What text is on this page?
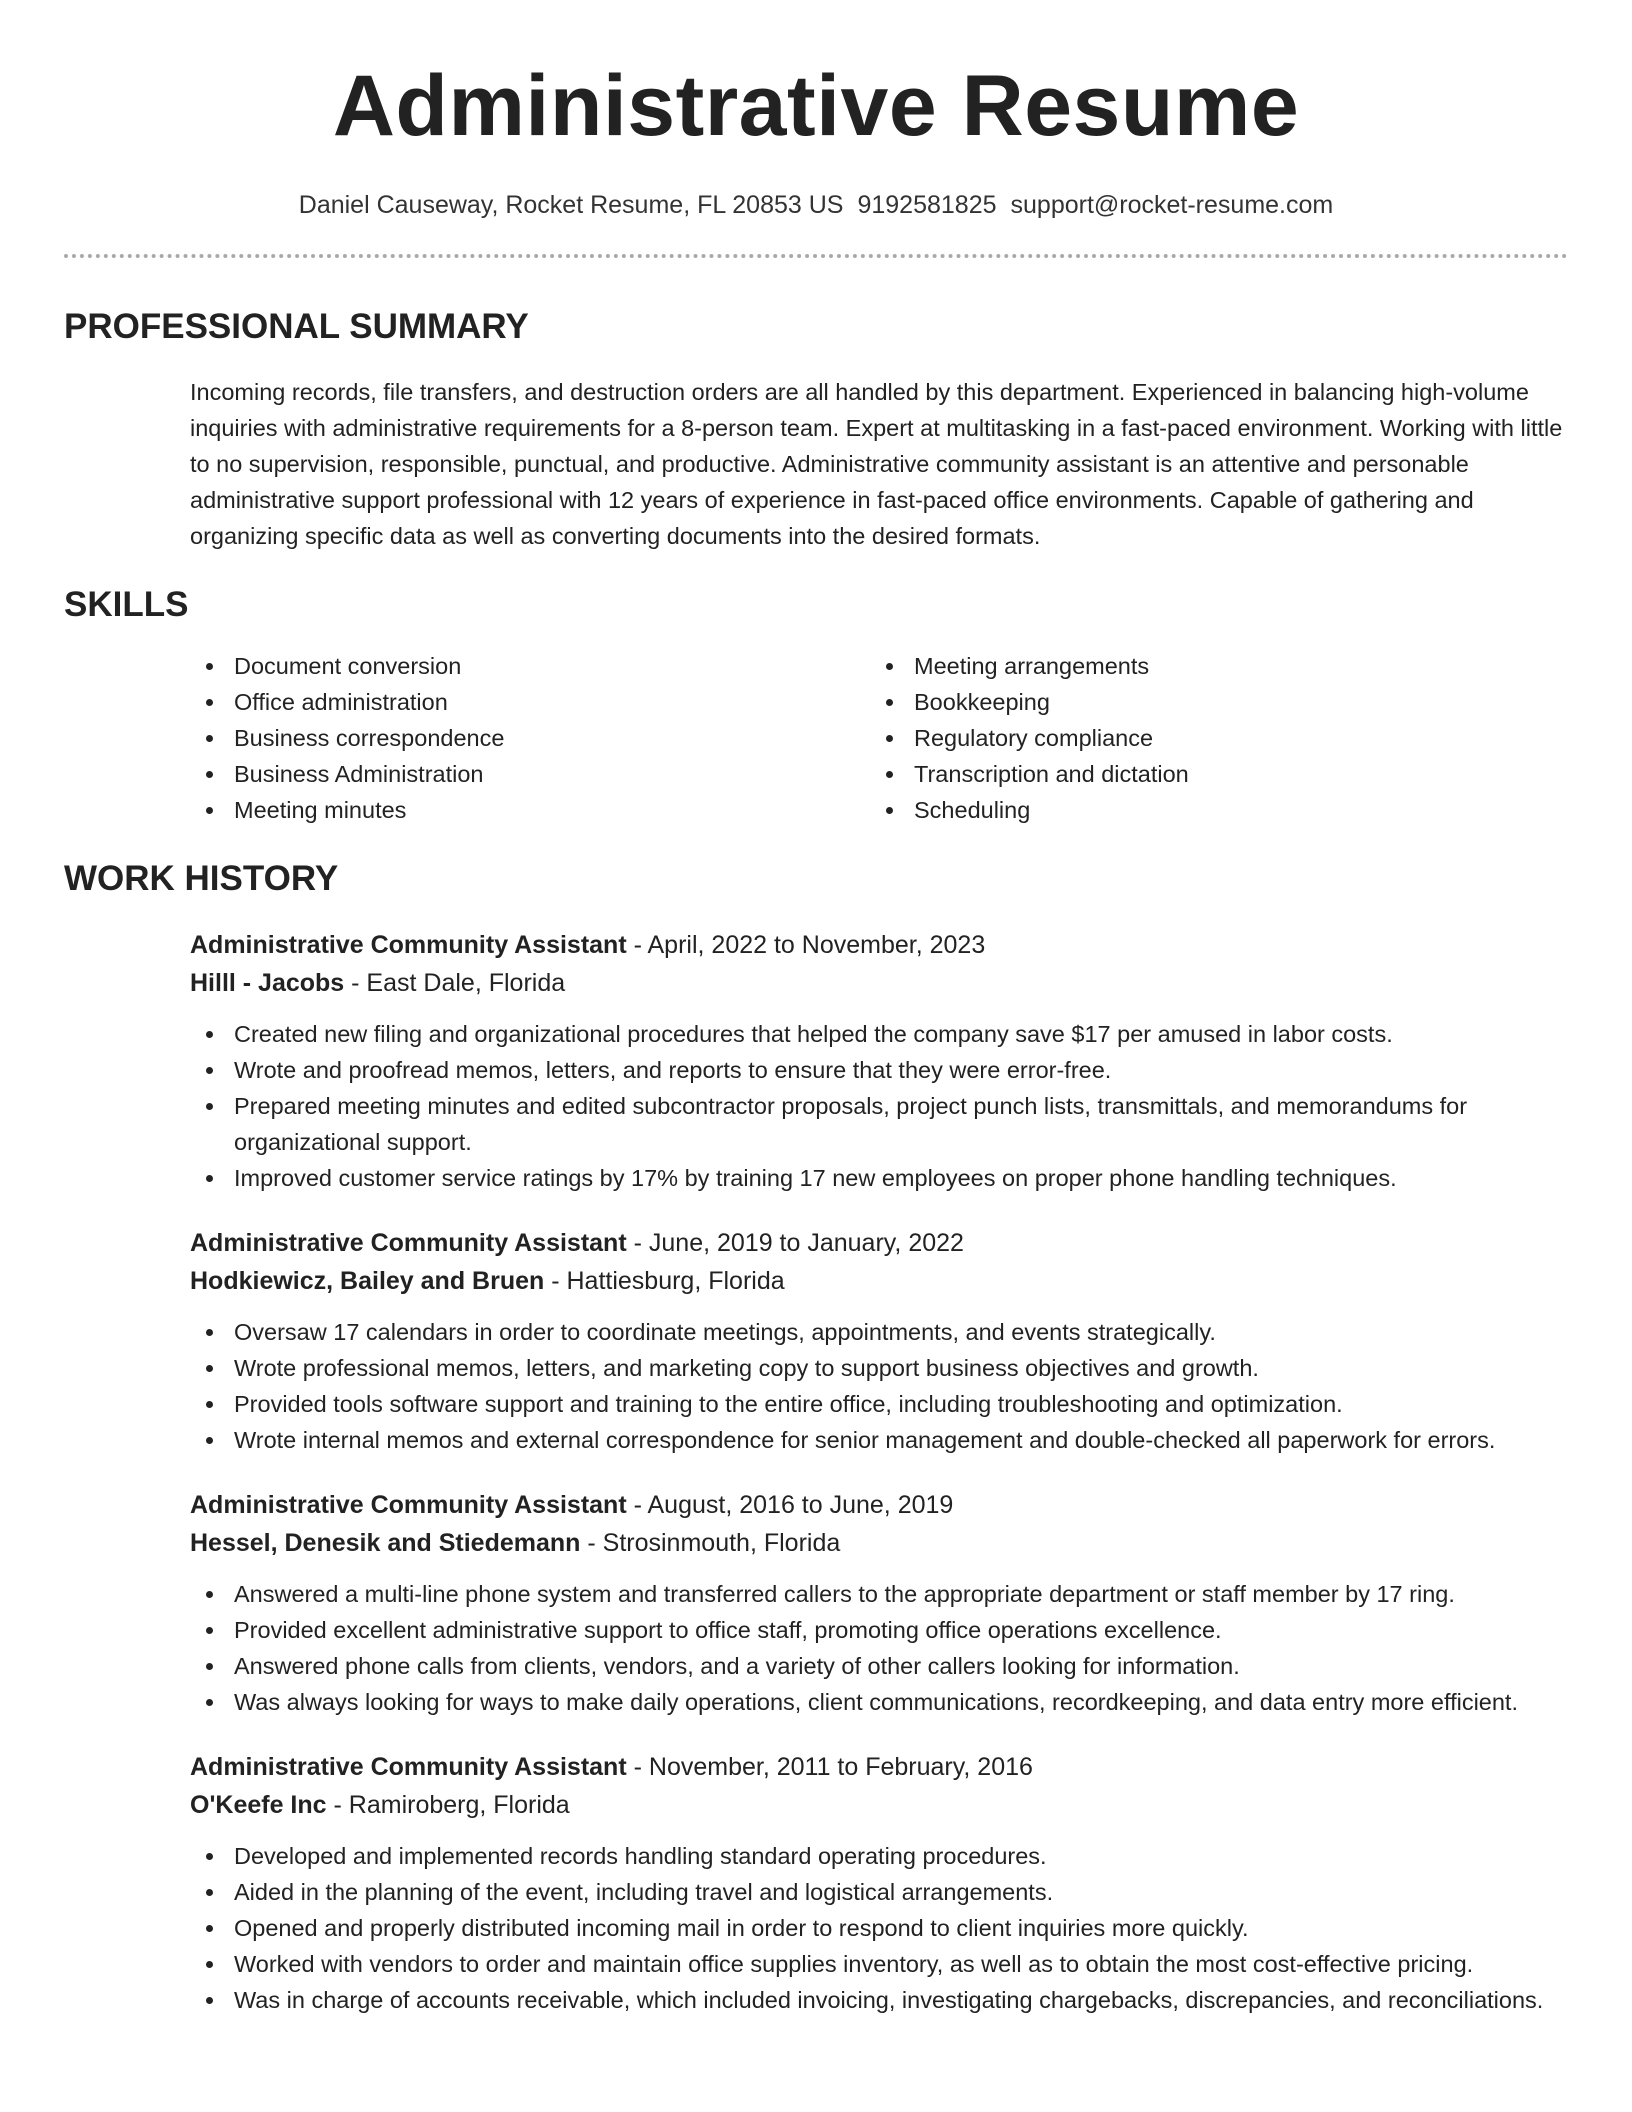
Administrative Resume
Daniel Causeway, Rocket Resume, FL 20853 US 9192581825 support@rocket-resume.com
PROFESSIONAL SUMMARY

Incoming records, file transfers, and destruction orders are all handled by this department. Experienced in balancing high-volume inquiries with administrative requirements for a 8-person team. Expert at multitasking in a fast-paced environment. Working with little to no supervision, responsible, punctual, and productive. Administrative community assistant is an attentive and personable administrative support professional with 12 years of experience in fast-paced office environments. Capable of gathering and organizing specific data as well as converting documents into the desired formats.

SKILLS
Document conversion
Office administration
Business correspondence
Business Administration
Meeting minutes
Meeting arrangements
Bookkeeping
Regulatory compliance
Transcription and dictation
Scheduling
WORK HISTORY
Administrative Community Assistant - April, 2022 to November, 2023
Hilll - Jacobs - East Dale, Florida
Created new filing and organizational procedures that helped the company save $17 per amused in labor costs.
Wrote and proofread memos, letters, and reports to ensure that they were error-free.
Prepared meeting minutes and edited subcontractor proposals, project punch lists, transmittals, and memorandums for organizational support.
Improved customer service ratings by 17% by training 17 new employees on proper phone handling techniques.
Administrative Community Assistant - June, 2019 to January, 2022
Hodkiewicz, Bailey and Bruen - Hattiesburg, Florida
Oversaw 17 calendars in order to coordinate meetings, appointments, and events strategically.
Wrote professional memos, letters, and marketing copy to support business objectives and growth.
Provided tools software support and training to the entire office, including troubleshooting and optimization.
Wrote internal memos and external correspondence for senior management and double-checked all paperwork for errors.
Administrative Community Assistant - August, 2016 to June, 2019
Hessel, Denesik and Stiedemann - Strosinmouth, Florida
Answered a multi-line phone system and transferred callers to the appropriate department or staff member by 17 ring.
Provided excellent administrative support to office staff, promoting office operations excellence.
Answered phone calls from clients, vendors, and a variety of other callers looking for information.
Was always looking for ways to make daily operations, client communications, recordkeeping, and data entry more efficient.
Administrative Community Assistant - November, 2011 to February, 2016
O'Keefe Inc - Ramiroberg, Florida
Developed and implemented records handling standard operating procedures.
Aided in the planning of the event, including travel and logistical arrangements.
Opened and properly distributed incoming mail in order to respond to client inquiries more quickly.
Worked with vendors to order and maintain office supplies inventory, as well as to obtain the most cost-effective pricing.
Was in charge of accounts receivable, which included invoicing, investigating chargebacks, discrepancies, and reconciliations.
